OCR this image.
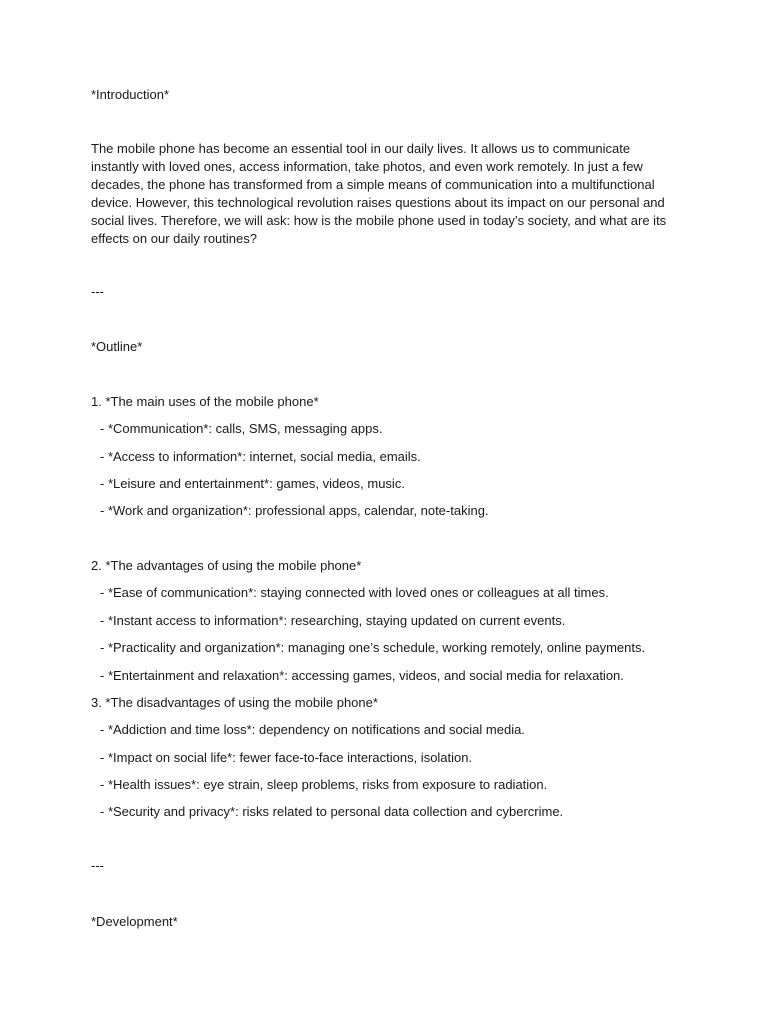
*Introduction*
The mobile phone has become an essential tool in our daily lives. It allows us to communicate
instantly with loved ones, access information, take photos, and even work remotely. In just a few
decades, the phone has transformed from a simple means of communication into a multifunctional
device. However, this technological revolution raises questions about its impact on our personal and
social lives. Therefore, we will ask: how is the mobile phone used in today’s society, and what are its
effects on our daily routines?
---
*Outline*
1. *The main uses of the mobile phone*
- *Communication*: calls, SMS, messaging apps.
- *Access to information*: internet, social media, emails.
- *Leisure and entertainment*: games, videos, music.
- *Work and organization*: professional apps, calendar, note-taking.
2. *The advantages of using the mobile phone*
- *Ease of communication*: staying connected with loved ones or colleagues at all times.
- *Instant access to information*: researching, staying updated on current events.
- *Practicality and organization*: managing one’s schedule, working remotely, online payments.
- *Entertainment and relaxation*: accessing games, videos, and social media for relaxation.
3. *The disadvantages of using the mobile phone*
- *Addiction and time loss*: dependency on notifications and social media.
- *Impact on social life*: fewer face-to-face interactions, isolation.
- *Health issues*: eye strain, sleep problems, risks from exposure to radiation.
- *Security and privacy*: risks related to personal data collection and cybercrime.
---
*Development*
